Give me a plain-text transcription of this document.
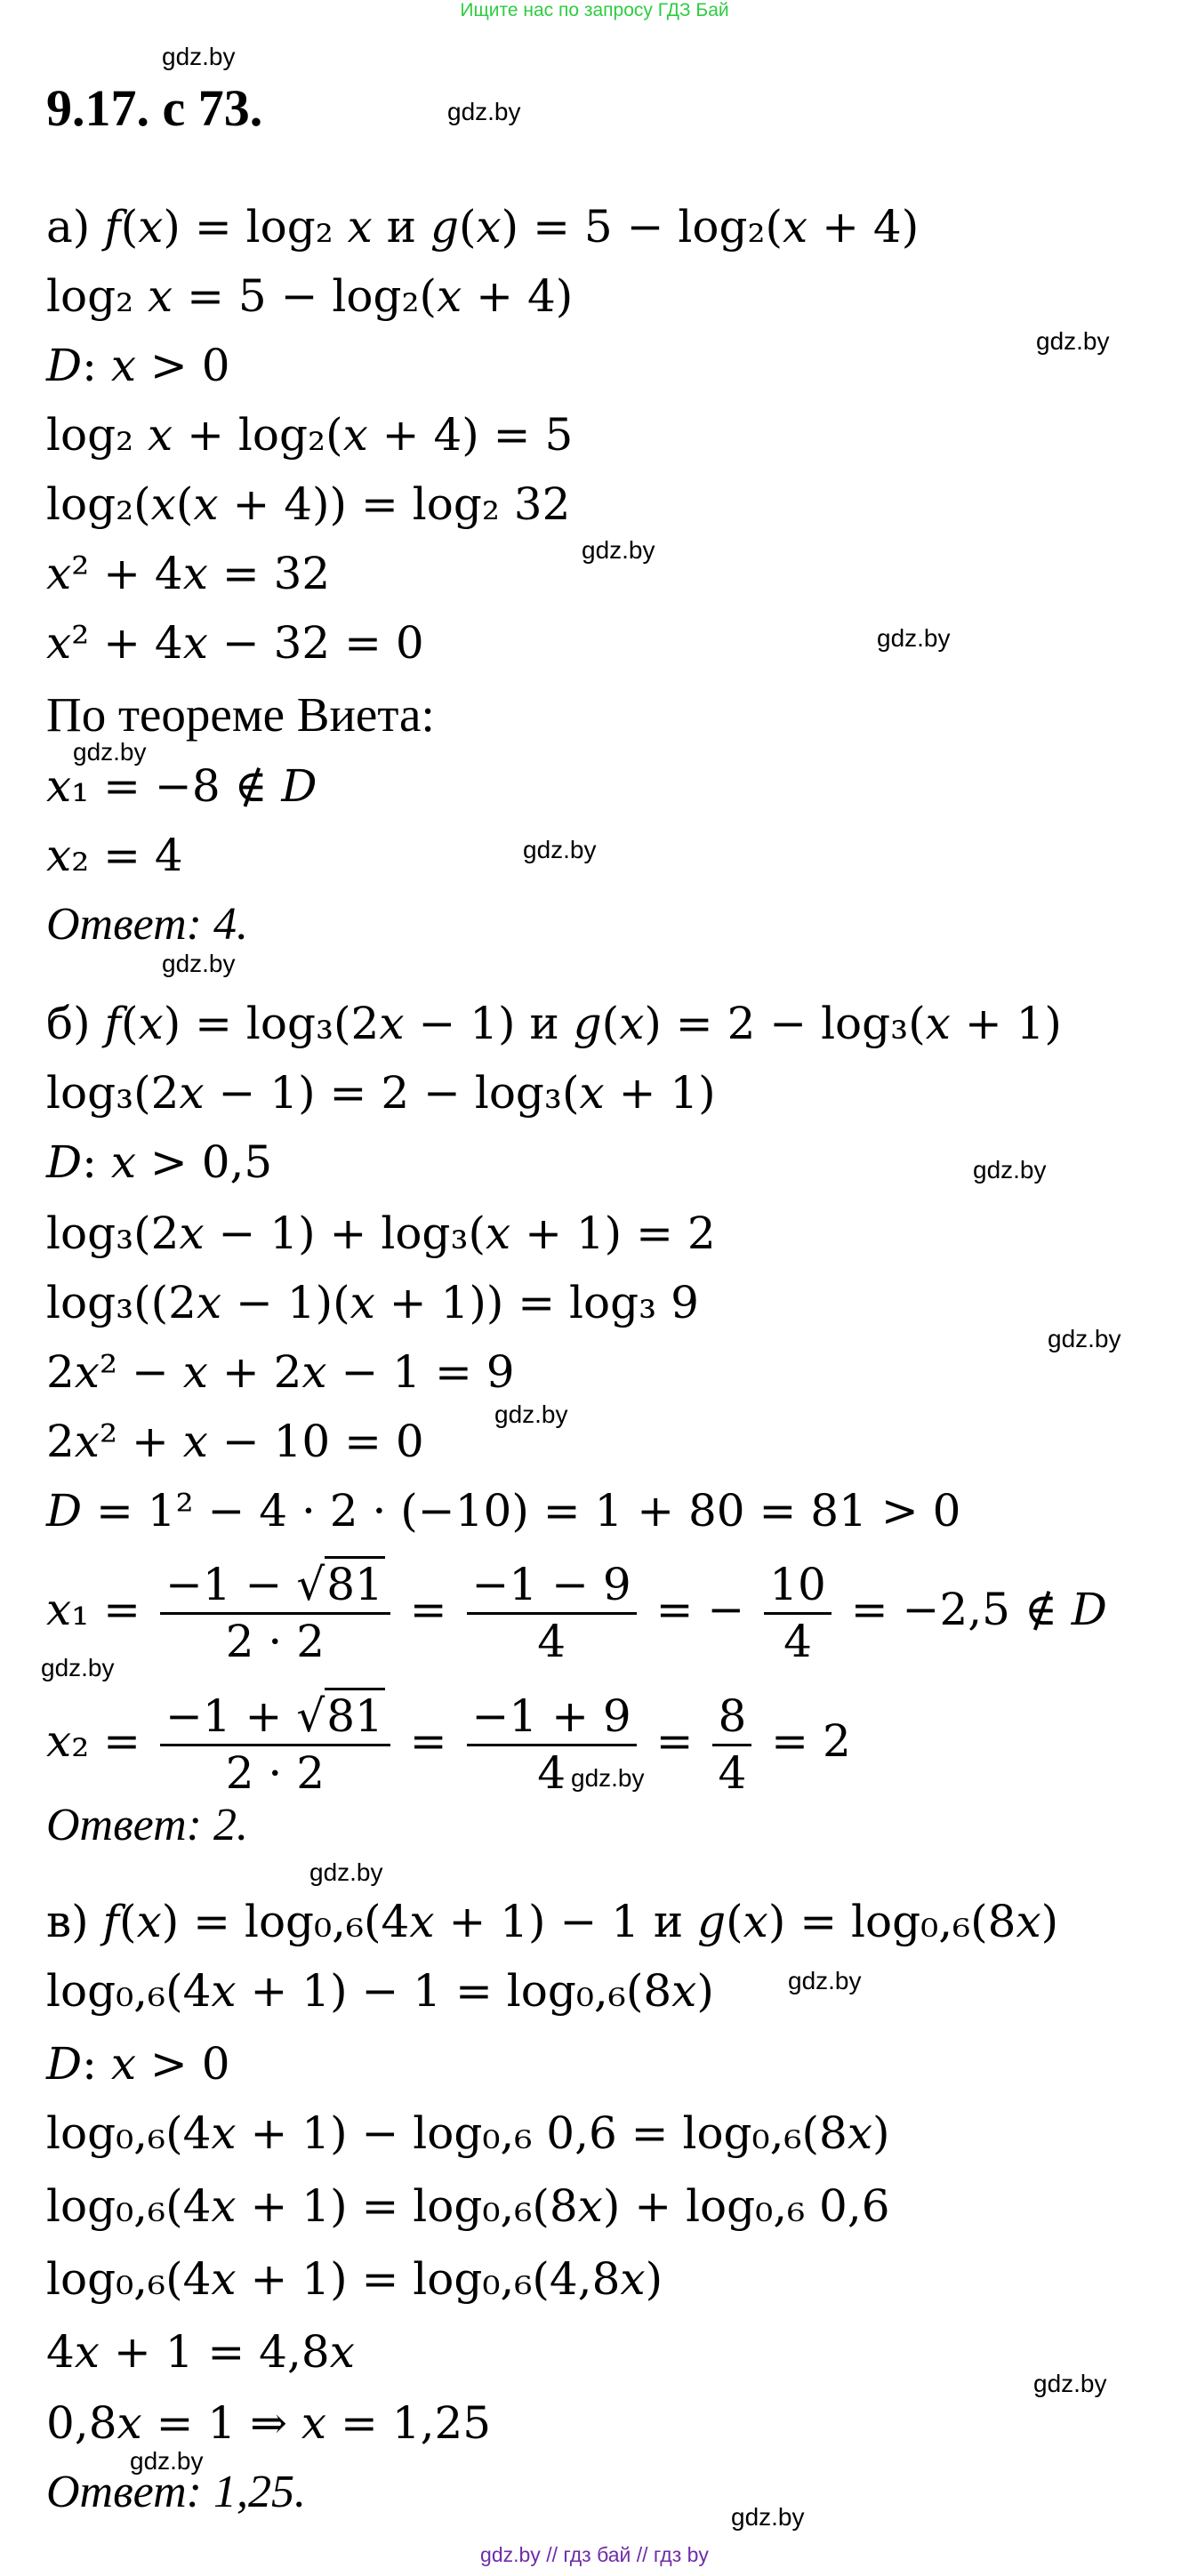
Ищите нас по запросу ГДЗ Бай
gdz.by
gdz.by
gdz.by
gdz.by
gdz.by
gdz.by
gdz.by
gdz.by
gdz.by
gdz.by
gdz.by
gdz.by
gdz.by
gdz.by
gdz.by
gdz.by
gdz.by
gdz.by
9.17. с 73.
а) 𝑓(𝑥) = log₂ 𝑥 и 𝑔(𝑥) = 5 − log₂(𝑥 + 4)
log₂ 𝑥 = 5 − log₂(𝑥 + 4)
𝐷: 𝑥 > 0
log₂ 𝑥 + log₂(𝑥 + 4) = 5
log₂(𝑥(𝑥 + 4)) = log₂ 32
𝑥² + 4𝑥 = 32
𝑥² + 4𝑥 − 32 = 0
По теореме Виета:
𝑥₁ = −8 ∉ 𝐷
𝑥₂ = 4
Ответ: 4.
б) 𝑓(𝑥) = log₃(2𝑥 − 1) и 𝑔(𝑥) = 2 − log₃(𝑥 + 1)
log₃(2𝑥 − 1) = 2 − log₃(𝑥 + 1)
𝐷: 𝑥 > 0,5
log₃(2𝑥 − 1) + log₃(𝑥 + 1) = 2
log₃((2𝑥 − 1)(𝑥 + 1)) = log₃ 9
2𝑥² − 𝑥 + 2𝑥 − 1 = 9
2𝑥² + 𝑥 − 10 = 0
𝐷 = 1² − 4 · 2 · (−10) = 1 + 80 = 81 > 0
𝑥₁ = $\frac{-1 - √81}{2 \cdot 2} = \frac{-1 - 9}{4}$ = − $\frac{10}{4} = -2,5$ ∉ 𝐷
𝑥₂ = $\frac{-1 + √81}{2 \cdot 2} = \frac{-1 + 9}{4} = \frac{8}{4} = 2$
Ответ: 2.
в) 𝑓(𝑥) = log₀,₆(4𝑥 + 1) − 1 и 𝑔(𝑥) = log₀,₆(8𝑥)
log₀,₆(4𝑥 + 1) − 1 = log₀,₆(8𝑥)
𝐷: 𝑥 > 0
log₀,₆(4𝑥 + 1) − log₀,₆ 0,6 = log₀,₆(8𝑥)
log₀,₆(4𝑥 + 1) = log₀,₆(8𝑥) + log₀,₆ 0,6
log₀,₆(4𝑥 + 1) = log₀,₆(4,8𝑥)
4𝑥 + 1 = 4,8𝑥
0,8𝑥 = 1 ⇒ 𝑥 = 1,25
Ответ: 1,25.
gdz.by // гдз бай // гдз by
